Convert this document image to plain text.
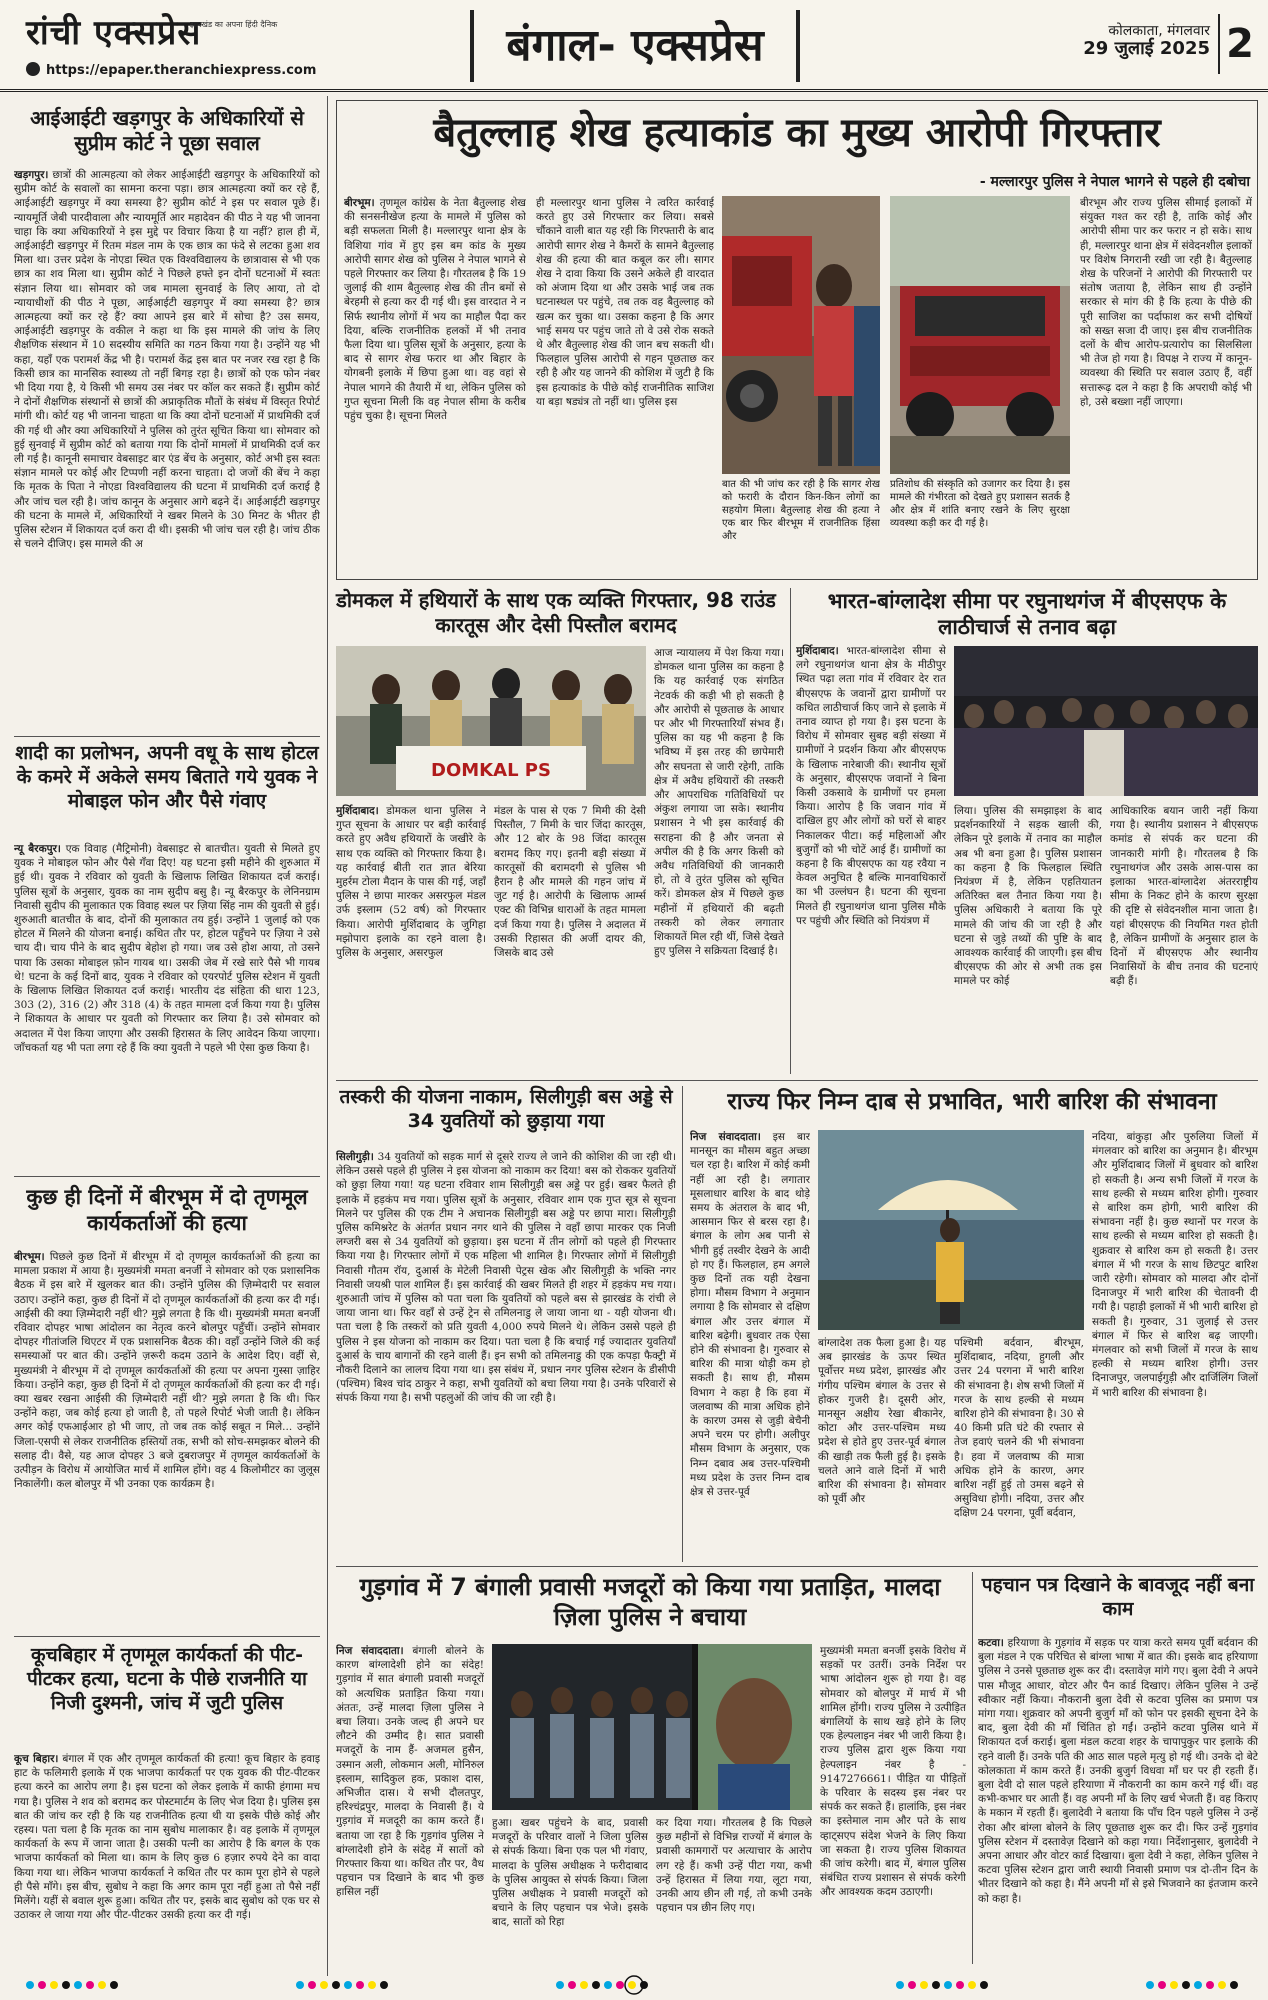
रांची एक्सप्रेस
झारखंड का अपना हिंदी दैनिक
https://epaper.theranchiexpress.com	बंगाल- एक्सप्रेस	कोलकाता, मंगलवार
29 जुलाई 2025 2
आईआईटी खड़गपुर के अधिकारियों से सुप्रीम कोर्ट ने पूछा सवाल
खड़गपुर। छात्रों की आत्महत्या को लेकर आईआईटी खड़गपुर के अधिकारियों को सुप्रीम कोर्ट के सवालों का सामना करना पड़ा। छात्र आत्महत्या क्यों कर रहे हैं, आईआईटी खड़गपुर में क्या समस्या है? सुप्रीम कोर्ट ने इस पर सवाल पूछे हैं। न्यायमूर्ति जेबी पारदीवाला और न्यायमूर्ति आर महादेवन की पीठ ने यह भी जानना चाहा कि क्या अधिकारियों ने इस मुद्दे पर विचार किया है या नहीं? हाल ही में, आईआईटी खड़गपुर में रितम मंडल नाम के एक छात्र का फंदे से लटका हुआ शव मिला था। उत्तर प्रदेश के नोएडा स्थित एक विश्वविद्यालय के छात्रावास से भी एक छात्र का शव मिला था। सुप्रीम कोर्ट ने पिछले हफ्ते इन दोनों घटनाओं में स्वतः संज्ञान लिया था। सोमवार को जब मामला सुनवाई के लिए आया, तो दो न्यायाधीशों की पीठ ने पूछा, आईआईटी खड़गपुर में क्या समस्या है? छात्र आत्महत्या क्यों कर रहे हैं? क्या आपने इस बारे में सोचा है? उस समय, आईआईटी खड़गपुर के वकील ने कहा था कि इस मामले की जांच के लिए शैक्षणिक संस्थान में 10 सदस्यीय समिति का गठन किया गया है। उन्होंने यह भी कहा, यहाँ एक परामर्श केंद्र भी है। परामर्श केंद्र इस बात पर नजर रख रहा है कि किसी छात्र का मानसिक स्वास्थ्य तो नहीं बिगड़ रहा है। छात्रों को एक फोन नंबर भी दिया गया है, ये किसी भी समय उस नंबर पर कॉल कर सकते हैं। सुप्रीम कोर्ट ने दोनों शैक्षणिक संस्थानों से छात्रों की अप्राकृतिक मौतों के संबंध में विस्तृत रिपोर्ट मांगी थी। कोर्ट यह भी जानना चाहता था कि क्या दोनों घटनाओं में प्राथमिकी दर्ज की गई थी और क्या अधिकारियों ने पुलिस को तुरंत सूचित किया था। सोमवार को हुई सुनवाई में सुप्रीम कोर्ट को बताया गया कि दोनों मामलों में प्राथमिकी दर्ज कर ली गई है। कानूनी समाचार वेबसाइट बार एंड बेंच के अनुसार, कोर्ट अभी इस स्वतः संज्ञान मामले पर कोई और टिप्पणी नहीं करना चाहता। दो जजों की बेंच ने कहा कि मृतक के पिता ने नोएडा विश्वविद्यालय की घटना में प्राथमिकी दर्ज कराई है और जांच चल रही है। जांच कानून के अनुसार आगे बढ़ने दें। आईआईटी खड़गपुर की घटना के मामले में, अधिकारियों ने खबर मिलने के 30 मिनट के भीतर ही पुलिस स्टेशन में शिकायत दर्ज करा दी थी। इसकी भी जांच चल रही है। जांच ठीक से चलने दीजिए। इस मामले की अ
शादी का प्रलोभन, अपनी वधू के साथ होटल के कमरे में अकेले समय बिताते गये युवक ने मोबाइल फोन और पैसे गंवाए
न्यू बैरकपुर। एक विवाह (मैट्रिमोनी) वेबसाइट से बातचीत। युवती से मिलते हुए युवक ने मोबाइल फोन और पैसे गँवा दिए! यह घटना इसी महीने की शुरुआत में हुई थी। युवक ने रविवार को युवती के खिलाफ लिखित शिकायत दर्ज कराई। पुलिस सूत्रों के अनुसार, युवक का नाम सुदीप बसु है। न्यू बैरकपुर के लेनिनग्राम निवासी सुदीप की मुलाकात एक विवाह स्थल पर ज़िया सिंह नाम की युवती से हुई। शुरुआती बातचीत के बाद, दोनों की मुलाकात तय हुई। उन्होंने 1 जुलाई को एक होटल में मिलने की योजना बनाई। कथित तौर पर, होटल पहुँचने पर ज़िया ने उसे चाय दी। चाय पीने के बाद सुदीप बेहोश हो गया। जब उसे होश आया, तो उसने पाया कि उसका मोबाइल फ़ोन गायब था। उसकी जेब में रखे सारे पैसे भी गायब थे! घटना के कई दिनों बाद, युवक ने रविवार को एयरपोर्ट पुलिस स्टेशन में युवती के खिलाफ लिखित शिकायत दर्ज कराई। भारतीय दंड संहिता की धारा 123, 303 (2), 316 (2) और 318 (4) के तहत मामला दर्ज किया गया है। पुलिस ने शिकायत के आधार पर युवती को गिरफ्तार कर लिया है। उसे सोमवार को अदालत में पेश किया जाएगा और उसकी हिरासत के लिए आवेदन किया जाएगा। जाँचकर्ता यह भी पता लगा रहे हैं कि क्या युवती ने पहले भी ऐसा कुछ किया है।
कुछ ही दिनों में बीरभूम में दो तृणमूल कार्यकर्ताओं की हत्या
बीरभूम। पिछले कुछ दिनों में बीरभूम में दो तृणमूल कार्यकर्ताओं की हत्या का मामला प्रकाश में आया है। मुख्यमंत्री ममता बनर्जी ने सोमवार को एक प्रशासनिक बैठक में इस बारे में खुलकर बात की। उन्होंने पुलिस की ज़िम्मेदारी पर सवाल उठाए। उन्होंने कहा, कुछ ही दिनों में दो तृणमूल कार्यकर्ताओं की हत्या कर दी गई। आईसी की क्या ज़िम्मेदारी नहीं थी? मुझे लगता है कि थी। मुख्यमंत्री ममता बनर्जी रविवार दोपहर भाषा आंदोलन का नेतृत्व करने बोलपुर पहुँचीं। उन्होंने सोमवार दोपहर गीतांजलि थिएटर में एक प्रशासनिक बैठक की। वहाँ उन्होंने जिले की कई समस्याओं पर बात की। उन्होंने ज़रूरी कदम उठाने के आदेश दिए। वहीं से, मुख्यमंत्री ने बीरभूम में दो तृणमूल कार्यकर्ताओं की हत्या पर अपना गुस्सा ज़ाहिर किया। उन्होंने कहा, कुछ ही दिनों में दो तृणमूल कार्यकर्ताओं की हत्या कर दी गई। क्या खबर रखना आईसी की ज़िम्मेदारी नहीं थी? मुझे लगता है कि थी। फिर उन्होंने कहा, जब कोई हत्या हो जाती है, तो पहले रिपोर्ट भेजी जाती है। लेकिन अगर कोई एफआईआर हो भी जाए, तो जब तक कोई सबूत न मिले... उन्होंने जिला-एसपी से लेकर राजनीतिक हस्तियों तक, सभी को सोच-समझकर बोलने की सलाह दी। वैसे, यह आज दोपहर 3 बजे दुबराजपुर में तृणमूल कार्यकर्ताओं के उत्पीड़न के विरोध में आयोजित मार्च में शामिल होंगे। वह 4 किलोमीटर का जुलूस निकालेंगी। कल बोलपुर में भी उनका एक कार्यक्रम है।
कूचबिहार में तृणमूल कार्यकर्ता की पीट-पीटकर हत्या, घटना के पीछे राजनीति या निजी दुश्मनी, जांच में जुटी पुलिस
कूच बिहार। बंगाल में एक और तृणमूल कार्यकर्ता की हत्या! कूच बिहार के हवाइ हाट के फलिमारी इलाके में एक भाजपा कार्यकर्ता पर एक युवक की पीट-पीटकर हत्या करने का आरोप लगा है। इस घटना को लेकर इलाके में काफी हंगामा मच गया है। पुलिस ने शव को बरामद कर पोस्टमार्टम के लिए भेज दिया है। पुलिस इस बात की जांच कर रही है कि यह राजनीतिक हत्या थी या इसके पीछे कोई और रहस्य। पता चला है कि मृतक का नाम सुबोध मालाकार है। वह इलाके में तृणमूल कार्यकर्ता के रूप में जाना जाता है। उसकी पत्नी का आरोप है कि बगल के एक भाजपा कार्यकर्ता को मिला था। काम के लिए कुछ 6 हज़ार रुपये देने का वादा किया गया था। लेकिन भाजपा कार्यकर्ता ने कथित तौर पर काम पूरा होने से पहले ही पैसे माँगे। इस बीच, सुबोध ने कहा कि अगर काम पूरा नहीं हुआ तो पैसे नहीं मिलेंगे। यहीं से बवाल शुरू हुआ। कथित तौर पर, इसके बाद सुबोध को एक घर से उठाकर ले जाया गया और पीट-पीटकर उसकी हत्या कर दी गई।
बैतुल्लाह शेख हत्याकांड का मुख्य आरोपी गिरफ्तार
- मल्लारपुर पुलिस ने नेपाल भागने से पहले ही दबोचा
बीरभूम। तृणमूल कांग्रेस के नेता बैतुल्लाह शेख की सनसनीखेज हत्या के मामले में पुलिस को बड़ी सफलता मिली है। मल्लारपुर थाना क्षेत्र के विशिया गांव में हुए इस बम कांड के मुख्य आरोपी सागर शेख को पुलिस ने नेपाल भागने से पहले गिरफ्तार कर लिया है। गौरतलब है कि 19 जुलाई की शाम बैतुल्लाह शेख की तीन बमों से बेरहमी से हत्या कर दी गई थी। इस वारदात ने न सिर्फ स्थानीय लोगों में भय का माहौल पैदा कर दिया, बल्कि राजनीतिक हलकों में भी तनाव फैला दिया था। पुलिस सूत्रों के अनुसार, हत्या के बाद से सागर शेख फरार था और बिहार के योगबनी इलाके में छिपा हुआ था। वह वहां से नेपाल भागने की तैयारी में था, लेकिन पुलिस को गुप्त सूचना मिली कि वह नेपाल सीमा के करीब पहुंच चुका है। सूचना मिलते
ही मल्लारपुर थाना पुलिस ने त्वरित कार्रवाई करते हुए उसे गिरफ्तार कर लिया। सबसे चौंकाने वाली बात यह रही कि गिरफ्तारी के बाद आरोपी सागर शेख ने कैमरों के सामने बैतुल्लाह शेख की हत्या की बात कबूल कर ली। सागर शेख ने दावा किया कि उसने अकेले ही वारदात को अंजाम दिया था और उसके भाई जब तक घटनास्थल पर पहुंचे, तब तक वह बैतुल्लाह को खत्म कर चुका था। उसका कहना है कि अगर भाई समय पर पहुंच जाते तो वे उसे रोक सकते थे और बैतुल्लाह शेख की जान बच सकती थी। फिलहाल पुलिस आरोपी से गहन पूछताछ कर रही है और यह जानने की कोशिश में जुटी है कि इस हत्याकांड के पीछे कोई राजनीतिक साजिश या बड़ा षड्यंत्र तो नहीं था। पुलिस इस
बात की भी जांच कर रही है कि सागर शेख को फरारी के दौरान किन-किन लोगों का सहयोग मिला। बैतुल्लाह शेख की हत्या ने एक बार फिर बीरभूम में राजनीतिक हिंसा और
प्रतिशोध की संस्कृति को उजागर कर दिया है। इस मामले की गंभीरता को देखते हुए प्रशासन सतर्क है और क्षेत्र में शांति बनाए रखने के लिए सुरक्षा व्यवस्था कड़ी कर दी गई है।
बीरभूम और राज्य पुलिस सीमाई इलाकों में संयुक्त गश्त कर रही है, ताकि कोई और आरोपी सीमा पार कर फरार न हो सके। साथ ही, मल्लारपुर थाना क्षेत्र में संवेदनशील इलाकों पर विशेष निगरानी रखी जा रही है। बैतुल्लाह शेख के परिजनों ने आरोपी की गिरफ्तारी पर संतोष जताया है, लेकिन साथ ही उन्होंने सरकार से मांग की है कि हत्या के पीछे की पूरी साजिश का पर्दाफाश कर सभी दोषियों को सख्त सजा दी जाए। इस बीच राजनीतिक दलों के बीच आरोप-प्रत्यारोप का सिलसिला भी तेज हो गया है। विपक्ष ने राज्य में कानून-व्यवस्था की स्थिति पर सवाल उठाए हैं, वहीं सत्तारूढ़ दल ने कहा है कि अपराधी कोई भी हो, उसे बख्शा नहीं जाएगा।
डोमकल में हथियारों के साथ एक व्यक्ति गिरफ्तार, 98 राउंड कारतूस और देसी पिस्तौल बरामद
DOMKAL PS
मुर्शिदाबाद। डोमकल थाना पुलिस ने गुप्त सूचना के आधार पर बड़ी कार्रवाई करते हुए अवैध हथियारों के जखीरे के साथ एक व्यक्ति को गिरफ्तार किया है। यह कार्रवाई बीती रात ज्ञात बेरिया मुहर्रम टोला मैदान के पास की गई, जहाँ पुलिस ने छापा मारकर असरफुल मंडल उर्फ इस्लाम (52 वर्ष) को गिरफ्तार किया। आरोपी मुर्शिदाबाद के जुगिहा मझोपारा इलाके का रहने वाला है। पुलिस के अनुसार, असरफुल
मंडल के पास से एक 7 मिमी की देसी पिस्तौल, 7 मिमी के चार जिंदा कारतूस, और 12 बोर के 98 जिंदा कारतूस बरामद किए गए। इतनी बड़ी संख्या में कारतूसों की बरामदगी से पुलिस भी हैरान है और मामले की गहन जांच में जुट गई है। आरोपी के खिलाफ आर्म्स एक्ट की विभिन्न धाराओं के तहत मामला दर्ज किया गया है। पुलिस ने अदालत में उसकी रिहासत की अर्जी दायर की, जिसके बाद उसे
आज न्यायालय में पेश किया गया। डोमकल थाना पुलिस का कहना है कि यह कार्रवाई एक संगठित नेटवर्क की कड़ी भी हो सकती है और आरोपी से पूछताछ के आधार पर और भी गिरफ्तारियाँ संभव हैं। पुलिस का यह भी कहना है कि भविष्य में इस तरह की छापेमारी और सघनता से जारी रहेगी, ताकि क्षेत्र में अवैध हथियारों की तस्करी और आपराधिक गतिविधियों पर अंकुश लगाया जा सके। स्थानीय प्रशासन ने भी इस कार्रवाई की सराहना की है और जनता से अपील की है कि अगर किसी को अवैध गतिविधियों की जानकारी हो, तो वे तुरंत पुलिस को सूचित करें। डोमकल क्षेत्र में पिछले कुछ महीनों में हथियारों की बढ़ती तस्करी को लेकर लगातार शिकायतें मिल रही थीं, जिसे देखते हुए पुलिस ने सक्रियता दिखाई है।
भारत-बांग्लादेश सीमा पर रघुनाथगंज में बीएसएफ के लाठीचार्ज से तनाव बढ़ा
मुर्शिदाबाद। भारत-बांग्लादेश सीमा से लगे रघुनाथगंज थाना क्षेत्र के मीठीपुर स्थित पढ़ा लता गांव में रविवार देर रात बीएसएफ के जवानों द्वारा ग्रामीणों पर कथित लाठीचार्ज किए जाने से इलाके में तनाव व्याप्त हो गया है। इस घटना के विरोध में सोमवार सुबह बड़ी संख्या में ग्रामीणों ने प्रदर्शन किया और बीएसएफ के खिलाफ नारेबाजी की। स्थानीय सूत्रों के अनुसार, बीएसएफ जवानों ने बिना किसी उकसावे के ग्रामीणों पर हमला किया। आरोप है कि जवान गांव में दाखिल हुए और लोगों को घरों से बाहर निकालकर पीटा। कई महिलाओं और बुजुर्गों को भी चोटें आई हैं। ग्रामीणों का कहना है कि बीएसएफ का यह रवैया न केवल अनुचित है बल्कि मानवाधिकारों का भी उल्लंघन है। घटना की सूचना मिलते ही रघुनाथगंज थाना पुलिस मौके पर पहुंची और स्थिति को नियंत्रण में
लिया। पुलिस की समझाइश के बाद प्रदर्शनकारियों ने सड़क खाली की, लेकिन पूरे इलाके में तनाव का माहौल अब भी बना हुआ है। पुलिस प्रशासन का कहना है कि फिलहाल स्थिति नियंत्रण में है, लेकिन एहतियातन अतिरिक्त बल तैनात किया गया है। पुलिस अधिकारी ने बताया कि पूरे मामले की जांच की जा रही है और घटना से जुड़े तथ्यों की पुष्टि के बाद आवश्यक कार्रवाई की जाएगी। इस बीच बीएसएफ की ओर से अभी तक इस मामले पर कोई
आधिकारिक बयान जारी नहीं किया गया है। स्थानीय प्रशासन ने बीएसएफ कमांड से संपर्क कर घटना की जानकारी मांगी है। गौरतलब है कि रघुनाथगंज और उसके आस-पास का इलाका भारत-बांग्लादेश अंतरराष्ट्रीय सीमा के निकट होने के कारण सुरक्षा की दृष्टि से संवेदनशील माना जाता है। यहां बीएसएफ की नियमित गश्त होती है, लेकिन ग्रामीणों के अनुसार हाल के दिनों में बीएसएफ और स्थानीय निवासियों के बीच तनाव की घटनाएं बढ़ी हैं।
तस्करी की योजना नाकाम, सिलीगुड़ी बस अड्डे से 34 युवतियों को छुड़ाया गया
सिलीगुड़ी। 34 युवतियों को सड़क मार्ग से दूसरे राज्य ले जाने की कोशिश की जा रही थी। लेकिन उससे पहले ही पुलिस ने इस योजना को नाकाम कर दिया! बस को रोककर युवतियों को छुड़ा लिया गया! यह घटना रविवार शाम सिलीगुड़ी बस अड्डे पर हुई। खबर फैलते ही इलाके में हड़कंप मच गया। पुलिस सूत्रों के अनुसार, रविवार शाम एक गुप्त सूत्र से सूचना मिलने पर पुलिस की एक टीम ने अचानक सिलीगुड़ी बस अड्डे पर छापा मारा। सिलीगुड़ी पुलिस कमिश्नरेट के अंतर्गत प्रधान नगर थाने की पुलिस ने वहाँ छापा मारकर एक निजी लग्जरी बस से 34 युवतियों को छुड़ाया। इस घटना में तीन लोगों को पहले ही गिरफ्तार किया गया है। गिरफ्तार लोगों में एक महिला भी शामिल है। गिरफ्तार लोगों में सिलीगुड़ी निवासी गौतम रॉय, दुआर्स के मेटेली निवासी पेट्रस खेक और सिलीगुड़ी के भक्ति नगर निवासी जयश्री पाल शामिल हैं। इस कार्रवाई की खबर मिलते ही शहर में हड़कंप मच गया। शुरुआती जांच में पुलिस को पता चला कि युवतियों को पहले बस से झारखंड के रांची ले जाया जाना था। फिर वहाँ से उन्हें ट्रेन से तमिलनाडु ले जाया जाना था - यही योजना थी। पता चला है कि तस्करों को प्रति युवती 4,000 रुपये मिलने थे। लेकिन उससे पहले ही पुलिस ने इस योजना को नाकाम कर दिया। पता चला है कि बचाई गई ज्यादातर युवतियाँ दुआर्स के चाय बागानों की रहने वाली हैं। इन सभी को तमिलनाडु की एक कपड़ा फैक्ट्री में नौकरी दिलाने का लालच दिया गया था। इस संबंध में, प्रधान नगर पुलिस स्टेशन के डीसीपी (पश्चिम) बिश्व चांद ठाकुर ने कहा, सभी युवतियों को बचा लिया गया है। उनके परिवारों से संपर्क किया गया है। सभी पहलुओं की जांच की जा रही है।
राज्य फिर निम्न दाब से प्रभावित, भारी बारिश की संभावना
निज संवाददाता। इस बार मानसून का मौसम बहुत अच्छा चल रहा है। बारिश में कोई कमी नहीं आ रही है। लगातार मूसलाधार बारिश के बाद थोड़े समय के अंतराल के बाद भी, आसमान फिर से बरस रहा है। बंगाल के लोग अब पानी से भीगी हुई तस्वीर देखने के आदी हो गए हैं। फिलहाल, हम अगले कुछ दिनों तक यही देखना होगा। मौसम विभाग ने अनुमान लगाया है कि सोमवार से दक्षिण बंगाल और उत्तर बंगाल में बारिश बढ़ेगी। बुधवार तक ऐसा होने की संभावना है। गुरुवार से बारिश की मात्रा थोड़ी कम हो सकती है। साथ ही, मौसम विभाग ने कहा है कि हवा में जलवाष्प की मात्रा अधिक होने के कारण उमस से जुड़ी बेचैनी अपने चरम पर होगी। अलीपुर मौसम विभाग के अनुसार, एक निम्न दबाव अब उत्तर-पश्चिमी मध्य प्रदेश के उत्तर निम्न दाब क्षेत्र से उत्तर-पूर्व
बांग्लादेश तक फैला हुआ है। यह अब झारखंड के ऊपर स्थित पूर्वोत्तर मध्य प्रदेश, झारखंड और गंगीय पश्चिम बंगाल के उत्तर से होकर गुजरी है। दूसरी ओर, मानसून अक्षीय रेखा बीकानेर, कोटा और उत्तर-पश्चिम मध्य प्रदेश से होते हुए उत्तर-पूर्व बंगाल की खाड़ी तक फैली हुई है। इसके चलते आने वाले दिनों में भारी बारिश की संभावना है। सोमवार को पूर्वी और
पश्चिमी बर्दवान, बीरभूम, मुर्शिदाबाद, नदिया, हुगली और उत्तर 24 परगना में भारी बारिश की संभावना है। शेष सभी जिलों में गरज के साथ हल्की से मध्यम बारिश होने की संभावना है। 30 से 40 किमी प्रति घंटे की रफ्तार से तेज हवाएं चलने की भी संभावना है। हवा में जलवाष्प की मात्रा अधिक होने के कारण, अगर बारिश नहीं हुई तो उमस बढ़ने से असुविधा होगी। नदिया, उत्तर और दक्षिण 24 परगना, पूर्वी बर्दवान,
नदिया, बांकुड़ा और पुरुलिया जिलों में मंगलवार को बारिश का अनुमान है। बीरभूम और मुर्शिदाबाद जिलों में बुधवार को बारिश हो सकती है। अन्य सभी जिलों में गरज के साथ हल्की से मध्यम बारिश होगी। गुरुवार से बारिश कम होगी, भारी बारिश की संभावना नहीं है। कुछ स्थानों पर गरज के साथ हल्की से मध्यम बारिश हो सकती है। शुक्रवार से बारिश कम हो सकती है। उत्तर बंगाल में भी गरज के साथ छिटपुट बारिश जारी रहेगी। सोमवार को मालदा और दोनों दिनाजपुर में भारी बारिश की चेतावनी दी गयी है। पहाड़ी इलाकों में भी भारी बारिश हो सकती है। गुरुवार, 31 जुलाई से उत्तर बंगाल में फिर से बारिश बढ़ जाएगी। मंगलवार को सभी जिलों में गरज के साथ हल्की से मध्यम बारिश होगी। उत्तर दिनाजपुर, जलपाईगुड़ी और दार्जिलिंग जिलों में भारी बारिश की संभावना है।
गुड़गांव में 7 बंगाली प्रवासी मजदूरों को किया गया प्रताड़ित, मालदा ज़िला पुलिस ने बचाया
निज संवाददाता। बंगाली बोलने के कारण बांग्लादेशी होने का संदेह! गुड़गांव में सात बंगाली प्रवासी मजदूरों को अत्यधिक प्रताड़ित किया गया। अंततः, उन्हें मालदा ज़िला पुलिस ने बचा लिया। उनके जल्द ही अपने घर लौटने की उम्मीद है। सात प्रवासी मजदूरों के नाम हैं- अजमल हुसैन, उस्मान अली, लोकमान अली, मोनिरुल इस्लाम, सादिकुल हक, प्रकाश दास, अभिजीत दास। ये सभी दौलतपुर, हरिश्चंद्रपुर, मालदा के निवासी हैं। ये गुड़गांव में मजदूरी का काम करते हैं। बताया जा रहा है कि गुड़गांव पुलिस ने बांग्लादेशी होने के संदेह में सातों को गिरफ्तार किया था। कथित तौर पर, वैध पहचान पत्र दिखाने के बाद भी कुछ हासिल नहीं
हुआ। खबर पहुंचने के बाद, प्रवासी मजदूरों के परिवार वालों ने जिला पुलिस से संपर्क किया। बिना एक पल भी गंवाए, मालदा के पुलिस अधीक्षक ने फरीदाबाद के पुलिस आयुक्त से संपर्क किया। जिला पुलिस अधीक्षक ने प्रवासी मजदूरों को बचाने के लिए पहचान पत्र भेजे। इसके बाद, सातों को रिहा
कर दिया गया। गौरतलब है कि पिछले कुछ महीनों से विभिन्न राज्यों में बंगाल के प्रवासी कामगारों पर अत्याचार के आरोप लग रहे हैं। कभी उन्हें पीटा गया, कभी उन्हें हिरासत में लिया गया, लूटा गया, उनकी आय छीन ली गई, तो कभी उनके पहचान पत्र छीन लिए गए।
मुख्यमंत्री ममता बनर्जी इसके विरोध में सड़कों पर उतरीं। उनके निर्देश पर भाषा आंदोलन शुरू हो गया है। वह सोमवार को बोलपुर में मार्च में भी शामिल होंगी। राज्य पुलिस ने उत्पीड़ित बंगालियों के साथ खड़े होने के लिए एक हेल्पलाइन नंबर भी जारी किया है। राज्य पुलिस द्वारा शुरू किया गया हेल्पलाइन नंबर है - 9147276661। पीड़ित या पीड़ितों के परिवार के सदस्य इस नंबर पर संपर्क कर सकते हैं। हालांकि, इस नंबर का इस्तेमाल नाम और पते के साथ व्हाट्सएप संदेश भेजने के लिए किया जा सकता है। राज्य पुलिस शिकायत की जांच करेगी। बाद में, बंगाल पुलिस संबंधित राज्य प्रशासन से संपर्क करेगी और आवश्यक कदम उठाएगी।
पहचान पत्र दिखाने के बावजूद नहीं बना काम
कटवा। हरियाणा के गुड़गांव में सड़क पर यात्रा करते समय पूर्वी बर्दवान की बुला मंडल ने एक परिचित से बांग्ला भाषा में बात की। इसके बाद हरियाणा पुलिस ने उनसे पूछताछ शुरू कर दी। दस्तावेज़ मांगे गए। बुला देवी ने अपने पास मौजूद आधार, वोटर और पैन कार्ड दिखाए। लेकिन पुलिस ने उन्हें स्वीकार नहीं किया। नौकरानी बुला देवी से कटवा पुलिस का प्रमाण पत्र मांगा गया। शुक्रवार को अपनी बुजुर्ग माँ को फोन पर इसकी सूचना देने के बाद, बुला देवी की माँ चिंतित हो गईं। उन्होंने कटवा पुलिस थाने में शिकायत दर्ज कराई। बुला मंडल कटवा शहर के चापापुकुर पार इलाके की रहने वाली हैं। उनके पति की आठ साल पहले मृत्यु हो गई थी। उनके दो बेटे कोलकाता में काम करते हैं। उनकी बुजुर्ग विधवा माँ घर पर ही रहती हैं। बुला देवी दो साल पहले हरियाणा में नौकरानी का काम करने गई थीं। वह कभी-कभार घर आती हैं। वह अपनी माँ के लिए खर्च भेजती हैं। वह किराए के मकान में रहती हैं। बुलादेवी ने बताया कि पाँच दिन पहले पुलिस ने उन्हें रोका और बांग्ला बोलने के लिए पूछताछ शुरू कर दी। फिर उन्हें गुड़गांव पुलिस स्टेशन में दस्तावेज़ दिखाने को कहा गया। निर्देशानुसार, बुलादेवी ने अपना आधार और वोटर कार्ड दिखाया। बुला देवी ने कहा, लेकिन पुलिस ने कटवा पुलिस स्टेशन द्वारा जारी स्थायी निवासी प्रमाण पत्र दो-तीन दिन के भीतर दिखाने को कहा है। मैंने अपनी माँ से इसे भिजवाने का इंतजाम करने को कहा है।
